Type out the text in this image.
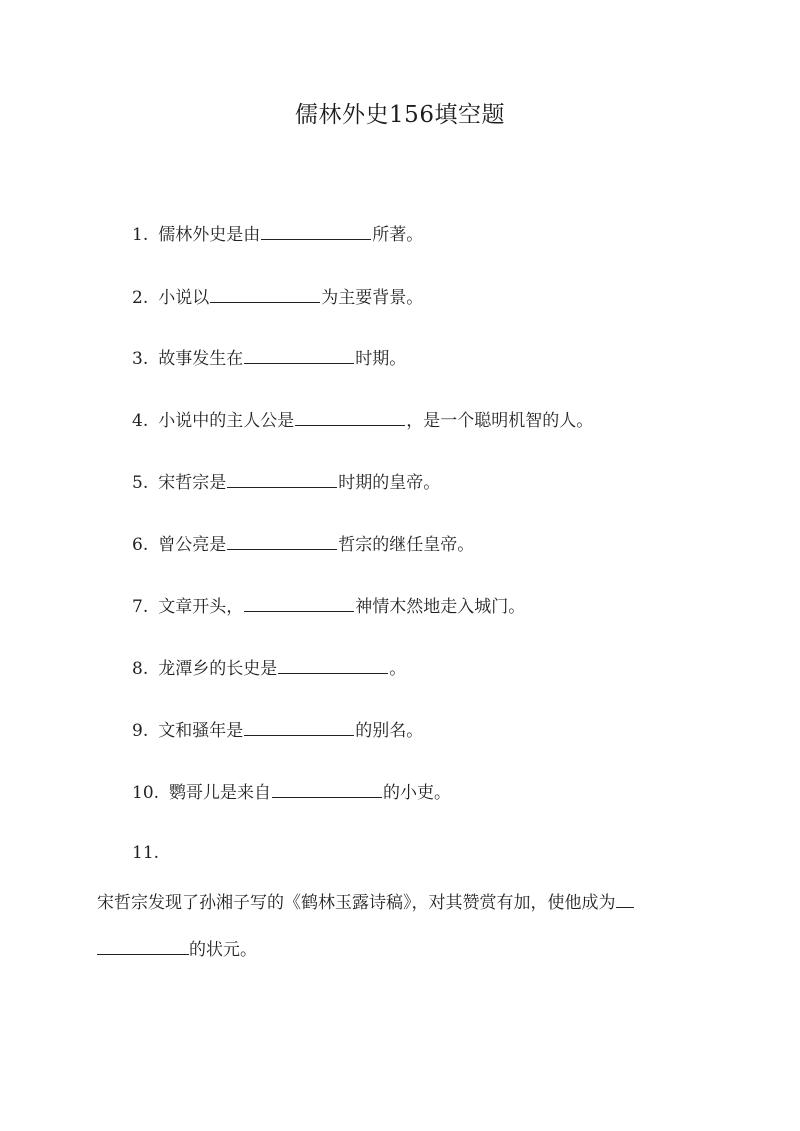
儒林外史156填空题
1. 儒林外史是由	所著。
2. 小说以	为主要背景。
3. 故事发生在	时期。
4. 小说中的主人公是	，是一个聪明机智的人。
5. 宋哲宗是	时期的皇帝。
6. 曾公亮是	哲宗的继任皇帝。
7. 文章开头，	神情木然地走入城门。
8. 龙潭乡的长史是	。
9. 文和骚年是	的别名。
10. 鹦哥儿是来自	的小吏。
11.
宋哲宗发现了孙湘子写的《鹤林玉露诗稿》，对其赞赏有加，使他成为
的状元。
